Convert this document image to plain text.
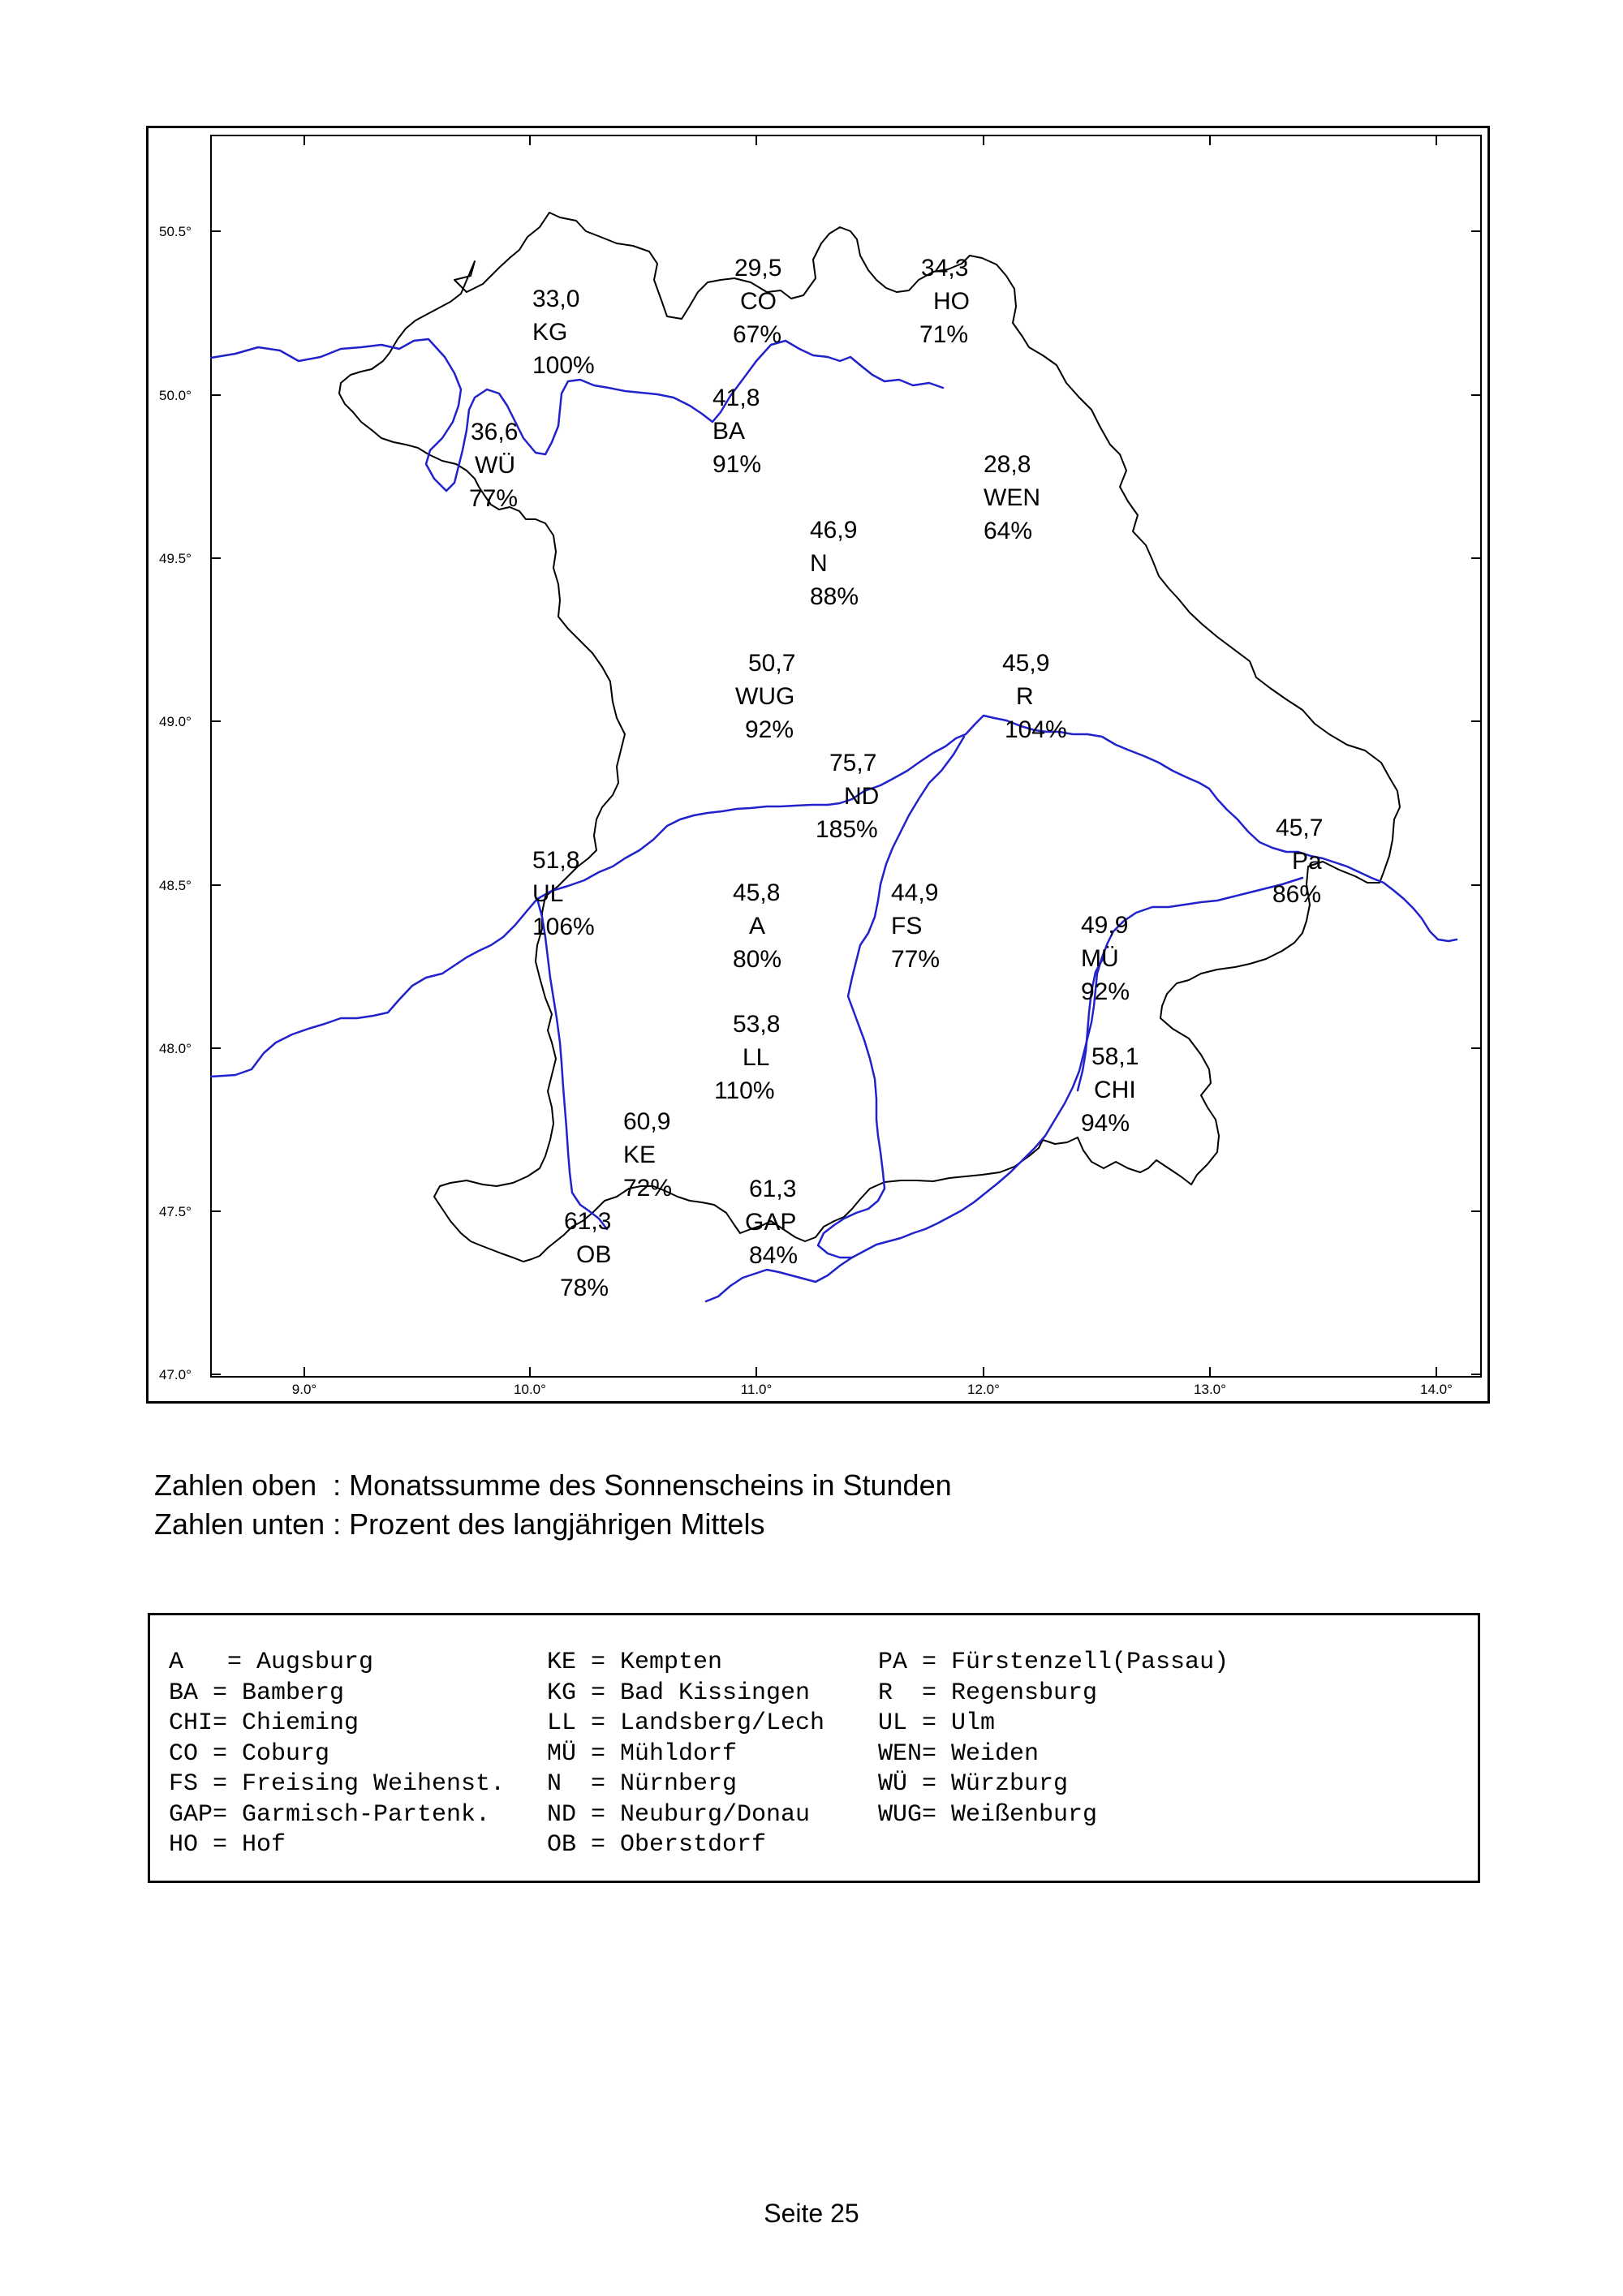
50.5°
50.0°
49.5°
49.0°
48.5°
48.0°
47.5°
47.0°
9.0°	10.0°	11.0°	12.0°	13.0°	14.0°
33,0
KG
100%
29,5
CO
67%
34,3
HO
71%
41,8
BA
91%
36,6
WÜ
77%
28,8
WEN
64%
46,9
N
88%
50,7
WUG
92%
45,9
R
104%
75,7
ND
185%	45,7
Pa
86%
51,8
UL
106%
45,8
A
80%
44,9
FS
77%
49,9
MÜ
92%
53,8
LL
110%
58,1
CHI
94%
60,9
KE
72%	61,3
GAP
84%
61,3
OB
78%
Zahlen oben  : Monatssumme des Sonnenscheins in Stunden
Zahlen unten : Prozent des langjährigen Mittels
A   = Augsburg
BA = Bamberg
CHI= Chieming
CO = Coburg
FS = Freising Weihenst.
GAP= Garmisch-Partenk.
HO = Hof
KE = Kempten
KG = Bad Kissingen
LL = Landsberg/Lech
MÜ = Mühldorf
N  = Nürnberg
ND = Neuburg/Donau
OB = Oberstdorf
PA = Fürstenzell(Passau)
R  = Regensburg
UL = Ulm
WEN= Weiden
WÜ = Würzburg
WUG= Weißenburg
Seite 25
